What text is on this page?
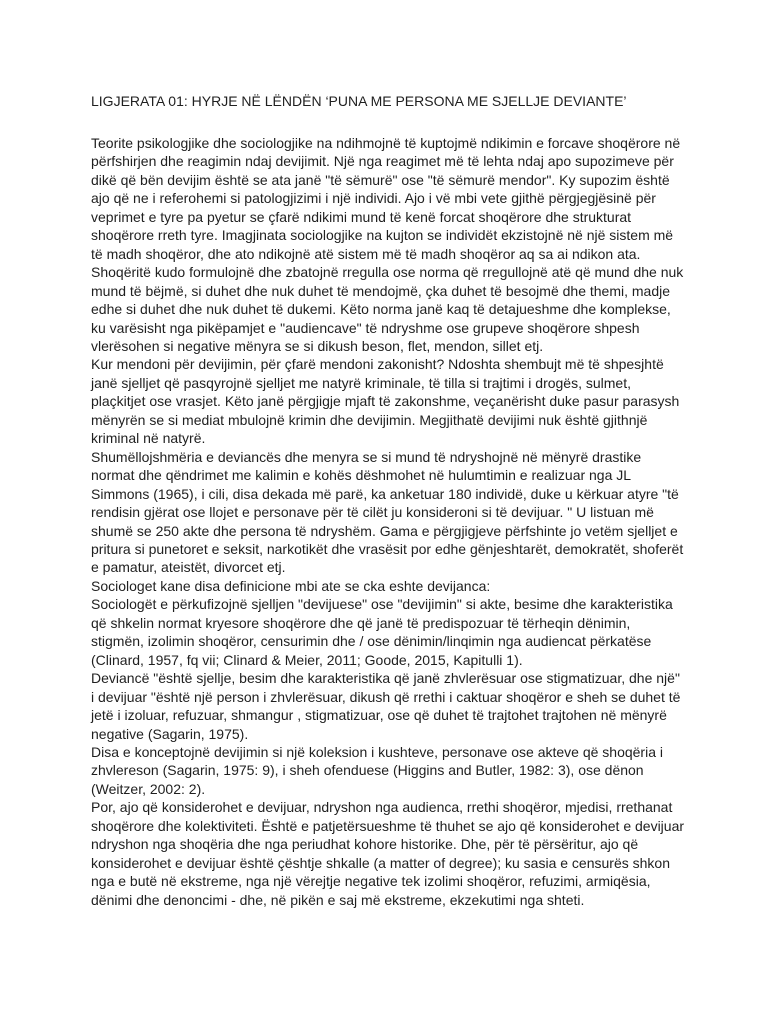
LIGJERATA 01: HYRJE NË LËNDËN ‘PUNA ME PERSONA ME SJELLJE DEVIANTE’

Teorite psikologjike dhe sociologjike na ndihmojnë të kuptojmë ndikimin e forcave shoqërore në
përfshirjen dhe reagimin ndaj devijimit. Një nga reagimet më të lehta ndaj apo supozimeve për
dikë që bën devijim është se ata janë "të sëmurë" ose "të sëmurë mendor". Ky supozim është
ajo që ne i referohemi si patologjizimi i një individi. Ajo i vë mbi vete gjithë përgjegjësinë për
veprimet e tyre pa pyetur se çfarë ndikimi mund të kenë forcat shoqërore dhe strukturat
shoqërore rreth tyre. Imagjinata sociologjike na kujton se individët ekzistojnë në një sistem më
të madh shoqëror, dhe ato ndikojnë atë sistem më të madh shoqëror aq sa ai ndikon ata.
Shoqëritë kudo formulojnë dhe zbatojnë rregulla ose norma që rregullojnë atë që mund dhe nuk
mund të bëjmë, si duhet dhe nuk duhet të mendojmë, çka duhet të besojmë dhe themi, madje
edhe si duhet dhe nuk duhet të dukemi. Këto norma janë kaq të detajueshme dhe komplekse,
ku varësisht nga pikëpamjet e "audiencave" të ndryshme ose grupeve shoqërore shpesh
vlerësohen si negative mënyra se si dikush beson, flet, mendon, sillet etj.
Kur mendoni për devijimin, për çfarë mendoni zakonisht? Ndoshta shembujt më të shpesjhtë
janë sjelljet që pasqyrojnë sjelljet me natyrë kriminale, të tilla si trajtimi i drogës, sulmet,
plaçkitjet ose vrasjet. Këto janë përgjigje mjaft të zakonshme, veçanërisht duke pasur parasysh
mënyrën se si mediat mbulojnë krimin dhe devijimin. Megjithatë devijimi nuk është gjithnjë
kriminal në natyrë.
Shumëllojshmëria e deviancës dhe menyra se si mund të ndryshojnë në mënyrë drastike
normat dhe qëndrimet me kalimin e kohës dëshmohet në hulumtimin e realizuar nga JL
Simmons (1965), i cili, disa dekada më parë, ka anketuar 180 individë, duke u kërkuar atyre "të
rendisin gjërat ose llojet e personave për të cilët ju konsideroni si të devijuar. " U listuan më
shumë se 250 akte dhe persona të ndryshëm. Gama e përgjigjeve përfshinte jo vetëm sjelljet e
pritura si punetoret e seksit, narkotikët dhe vrasësit por edhe gënjeshtarët, demokratët, shoferët
e pamatur, ateistët, divorcet etj.
Sociologet kane disa definicione mbi ate se cka eshte devijanca:
Sociologët e përkufizojnë sjelljen "devijuese" ose "devijimin" si akte, besime dhe karakteristika
që shkelin normat kryesore shoqërore dhe që janë të predispozuar të tërheqin dënimin,
stigmën, izolimin shoqëror, censurimin dhe / ose dënimin/linqimin nga audiencat përkatëse
(Clinard, 1957, fq vii; Clinard & Meier, 2011; Goode, 2015, Kapitulli 1).
Deviancë "është sjellje, besim dhe karakteristika që janë zhvlerësuar ose stigmatizuar, dhe një"
i devijuar "është një person i zhvlerësuar, dikush që rrethi i caktuar shoqëror e sheh se duhet të
jetë i izoluar, refuzuar, shmangur , stigmatizuar, ose që duhet të trajtohet trajtohen në mënyrë
negative (Sagarin, 1975).
Disa e konceptojnë devijimin si një koleksion i kushteve, personave ose akteve që shoqëria i
zhvlereson (Sagarin, 1975: 9), i sheh ofenduese (Higgins and Butler, 1982: 3), ose dënon
(Weitzer, 2002: 2).
Por, ajo që konsiderohet e devijuar, ndryshon nga audienca, rrethi shoqëror, mjedisi, rrethanat
shoqërore dhe kolektiviteti. Është e patjetërsueshme të thuhet se ajo që konsiderohet e devijuar
ndryshon nga shoqëria dhe nga periudhat kohore historike. Dhe, për të përsëritur, ajo që
konsiderohet e devijuar është çështje shkalle (a matter of degree); ku sasia e censurës shkon
nga e butë në ekstreme, nga një vërejtje negative tek izolimi shoqëror, refuzimi, armiqësia,
dënimi dhe denoncimi - dhe, në pikën e saj më ekstreme, ekzekutimi nga shteti.
